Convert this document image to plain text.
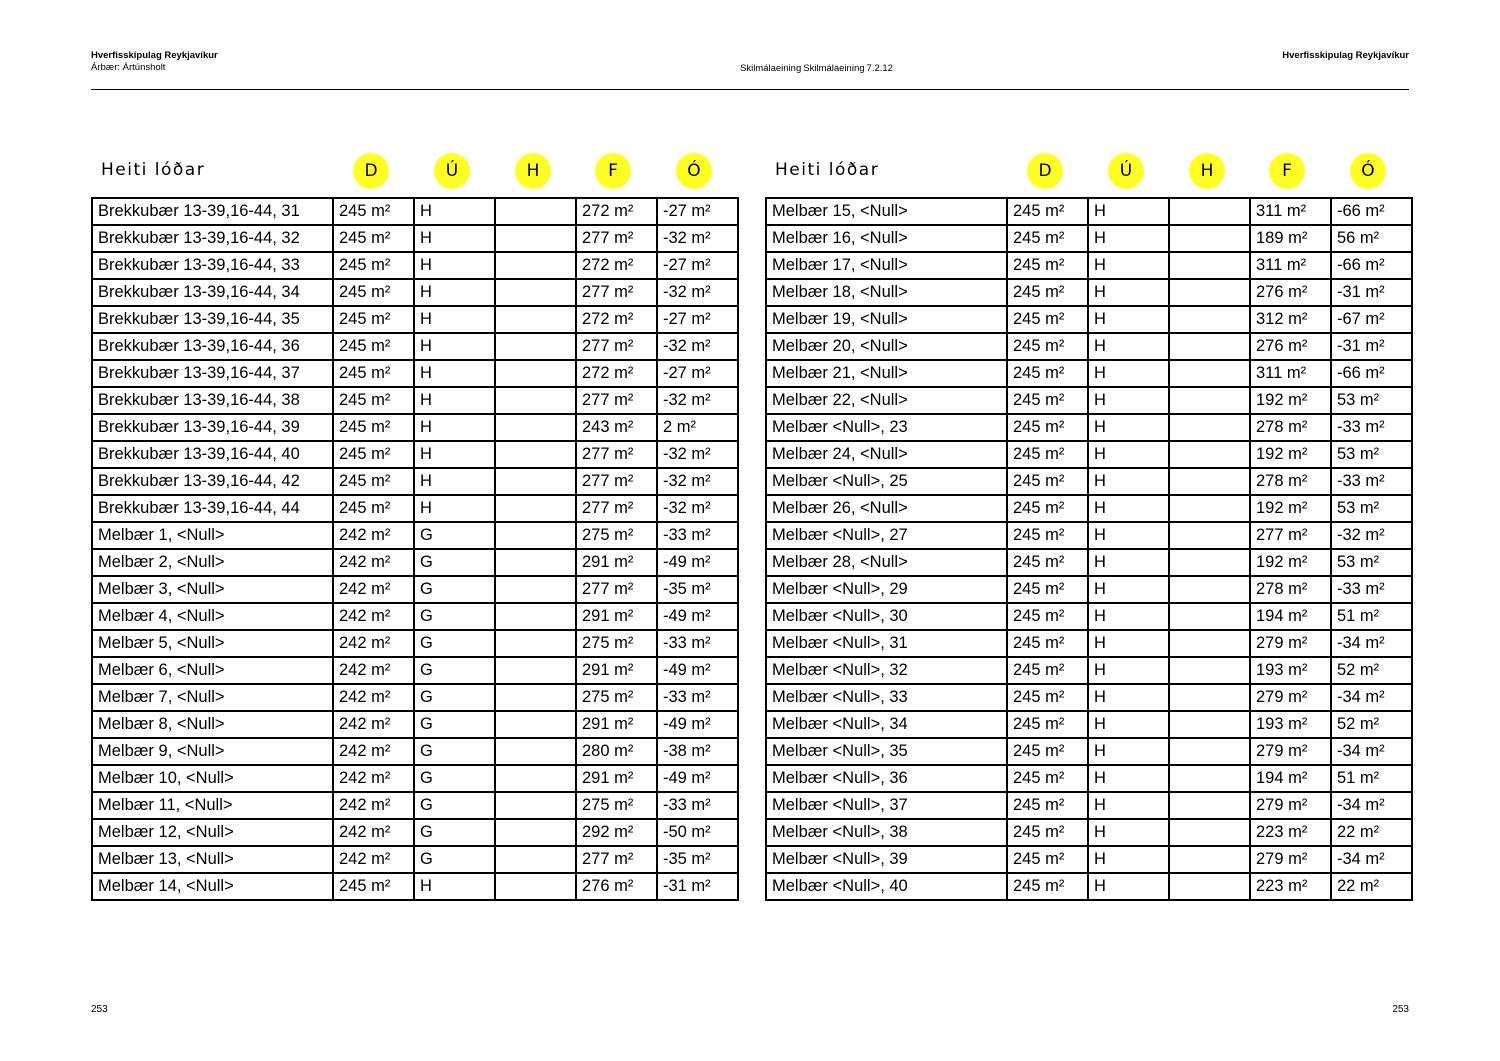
Hverfisskipulag Reykjavíkur
Árbær: Ártúnsholt	Skilmálaeining Skilmálaeining 7.2.12
Hverfisskipulag Reykjavíkur
Heiti lóðar	D	Ú	H	F	Ó
Brekkubær 13-39,16-44, 31	245 m²	H		272 m²	-27 m²
Brekkubær 13-39,16-44, 32	245 m²	H		277 m²	-32 m²
Brekkubær 13-39,16-44, 33	245 m²	H		272 m²	-27 m²
Brekkubær 13-39,16-44, 34	245 m²	H		277 m²	-32 m²
Brekkubær 13-39,16-44, 35	245 m²	H		272 m²	-27 m²
Brekkubær 13-39,16-44, 36	245 m²	H		277 m²	-32 m²
Brekkubær 13-39,16-44, 37	245 m²	H		272 m²	-27 m²
Brekkubær 13-39,16-44, 38	245 m²	H		277 m²	-32 m²
Brekkubær 13-39,16-44, 39	245 m²	H		243 m²	2 m²
Brekkubær 13-39,16-44, 40	245 m²	H		277 m²	-32 m²
Brekkubær 13-39,16-44, 42	245 m²	H		277 m²	-32 m²
Brekkubær 13-39,16-44, 44	245 m²	H		277 m²	-32 m²
Melbær 1, <Null>	242 m²	G		275 m²	-33 m²
Melbær 2, <Null>	242 m²	G		291 m²	-49 m²
Melbær 3, <Null>	242 m²	G		277 m²	-35 m²
Melbær 4, <Null>	242 m²	G		291 m²	-49 m²
Melbær 5, <Null>	242 m²	G		275 m²	-33 m²
Melbær 6, <Null>	242 m²	G		291 m²	-49 m²
Melbær 7, <Null>	242 m²	G		275 m²	-33 m²
Melbær 8, <Null>	242 m²	G		291 m²	-49 m²
Melbær 9, <Null>	242 m²	G		280 m²	-38 m²
Melbær 10, <Null>	242 m²	G		291 m²	-49 m²
Melbær 11, <Null>	242 m²	G		275 m²	-33 m²
Melbær 12, <Null>	242 m²	G		292 m²	-50 m²
Melbær 13, <Null>	242 m²	G		277 m²	-35 m²
Melbær 14, <Null>	245 m²	H		276 m²	-31 m²
Heiti lóðar	D	Ú	H	F	Ó
Melbær 15, <Null>	245 m²	H		311 m²	-66 m²
Melbær 16, <Null>	245 m²	H		189 m²	56 m²
Melbær 17, <Null>	245 m²	H		311 m²	-66 m²
Melbær 18, <Null>	245 m²	H		276 m²	-31 m²
Melbær 19, <Null>	245 m²	H		312 m²	-67 m²
Melbær 20, <Null>	245 m²	H		276 m²	-31 m²
Melbær 21, <Null>	245 m²	H		311 m²	-66 m²
Melbær 22, <Null>	245 m²	H		192 m²	53 m²
Melbær <Null>, 23	245 m²	H		278 m²	-33 m²
Melbær 24, <Null>	245 m²	H		192 m²	53 m²
Melbær <Null>, 25	245 m²	H		278 m²	-33 m²
Melbær 26, <Null>	245 m²	H		192 m²	53 m²
Melbær <Null>, 27	245 m²	H		277 m²	-32 m²
Melbær 28, <Null>	245 m²	H		192 m²	53 m²
Melbær <Null>, 29	245 m²	H		278 m²	-33 m²
Melbær <Null>, 30	245 m²	H		194 m²	51 m²
Melbær <Null>, 31	245 m²	H		279 m²	-34 m²
Melbær <Null>, 32	245 m²	H		193 m²	52 m²
Melbær <Null>, 33	245 m²	H		279 m²	-34 m²
Melbær <Null>, 34	245 m²	H		193 m²	52 m²
Melbær <Null>, 35	245 m²	H		279 m²	-34 m²
Melbær <Null>, 36	245 m²	H		194 m²	51 m²
Melbær <Null>, 37	245 m²	H		279 m²	-34 m²
Melbær <Null>, 38	245 m²	H		223 m²	22 m²
Melbær <Null>, 39	245 m²	H		279 m²	-34 m²
Melbær <Null>, 40	245 m²	H		223 m²	22 m²
253	253
